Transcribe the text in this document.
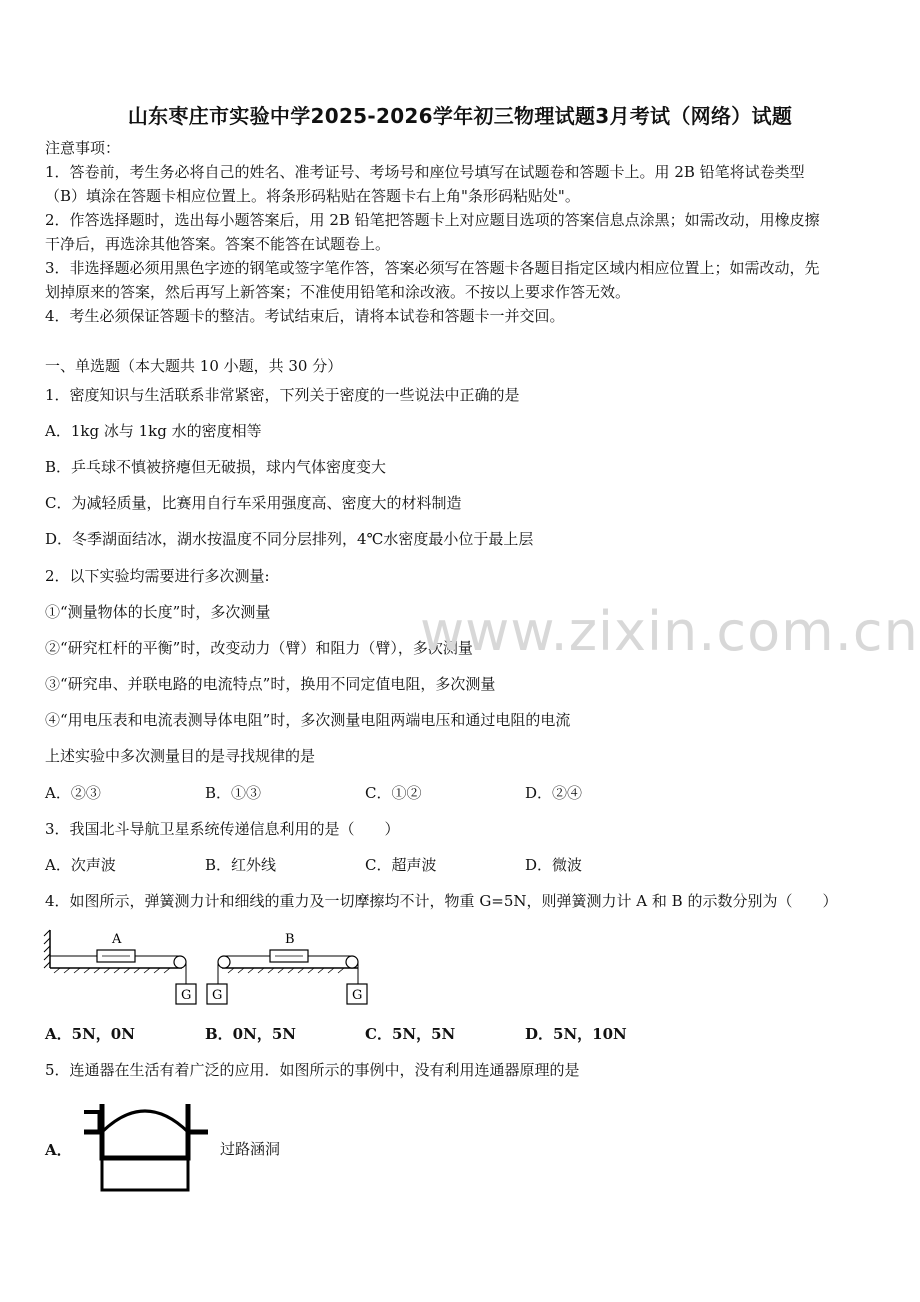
山东枣庄市实验中学2025-2026学年初三物理试题3月考试（网络）试题
注意事项：
1．答卷前，考生务必将自己的姓名、准考证号、考场号和座位号填写在试题卷和答题卡上。用 2B 铅笔将试卷类型
（B）填涂在答题卡相应位置上。将条形码粘贴在答题卡右上角"条形码粘贴处"。
2．作答选择题时，选出每小题答案后，用 2B 铅笔把答题卡上对应题目选项的答案信息点涂黑；如需改动，用橡皮擦
干净后，再选涂其他答案。答案不能答在试题卷上。
3．非选择题必须用黑色字迹的钢笔或签字笔作答，答案必须写在答题卡各题目指定区域内相应位置上；如需改动，先
划掉原来的答案，然后再写上新答案；不准使用铅笔和涂改液。不按以上要求作答无效。
4．考生必须保证答题卡的整洁。考试结束后，请将本试卷和答题卡一并交回。
一、单选题（本大题共 10 小题，共 30 分）
1．密度知识与生活联系非常紧密，下列关于密度的一些说法中正确的是
A．1kg 冰与 1kg 水的密度相等
B．乒乓球不慎被挤瘪但无破损，球内气体密度变大
C．为减轻质量，比赛用自行车采用强度高、密度大的材料制造
D．冬季湖面结冰，湖水按温度不同分层排列，4℃水密度最小位于最上层
2．以下实验均需要进行多次测量:
①“测量物体的长度”时，多次测量
②“研究杠杆的平衡”时，改变动力（臂）和阻力（臂），多次测量
③“研究串、并联电路的电流特点”时，换用不同定值电阻，多次测量
④“用电压表和电流表测导体电阻”时，多次测量电阻两端电压和通过电阻的电流
上述实验中多次测量目的是寻找规律的是
A．②③	B．①③	C．①②	D．②④
3．我国北斗导航卫星系统传递信息利用的是（　　）
A．次声波	B．红外线	C．超声波	D．微波
4．如图所示，弹簧测力计和细线的重力及一切摩擦均不计，物重 G=5N，则弹簧测力计 A 和 B 的示数分别为（　　）
A
G
B
G	G
A．5N，0N	B．0N，5N	C．5N，5N	D．5N，10N
5．连通器在生活有着广泛的应用．如图所示的事例中，没有利用连通器原理的是
A．	过路涵洞
www.zixin.com.cn
